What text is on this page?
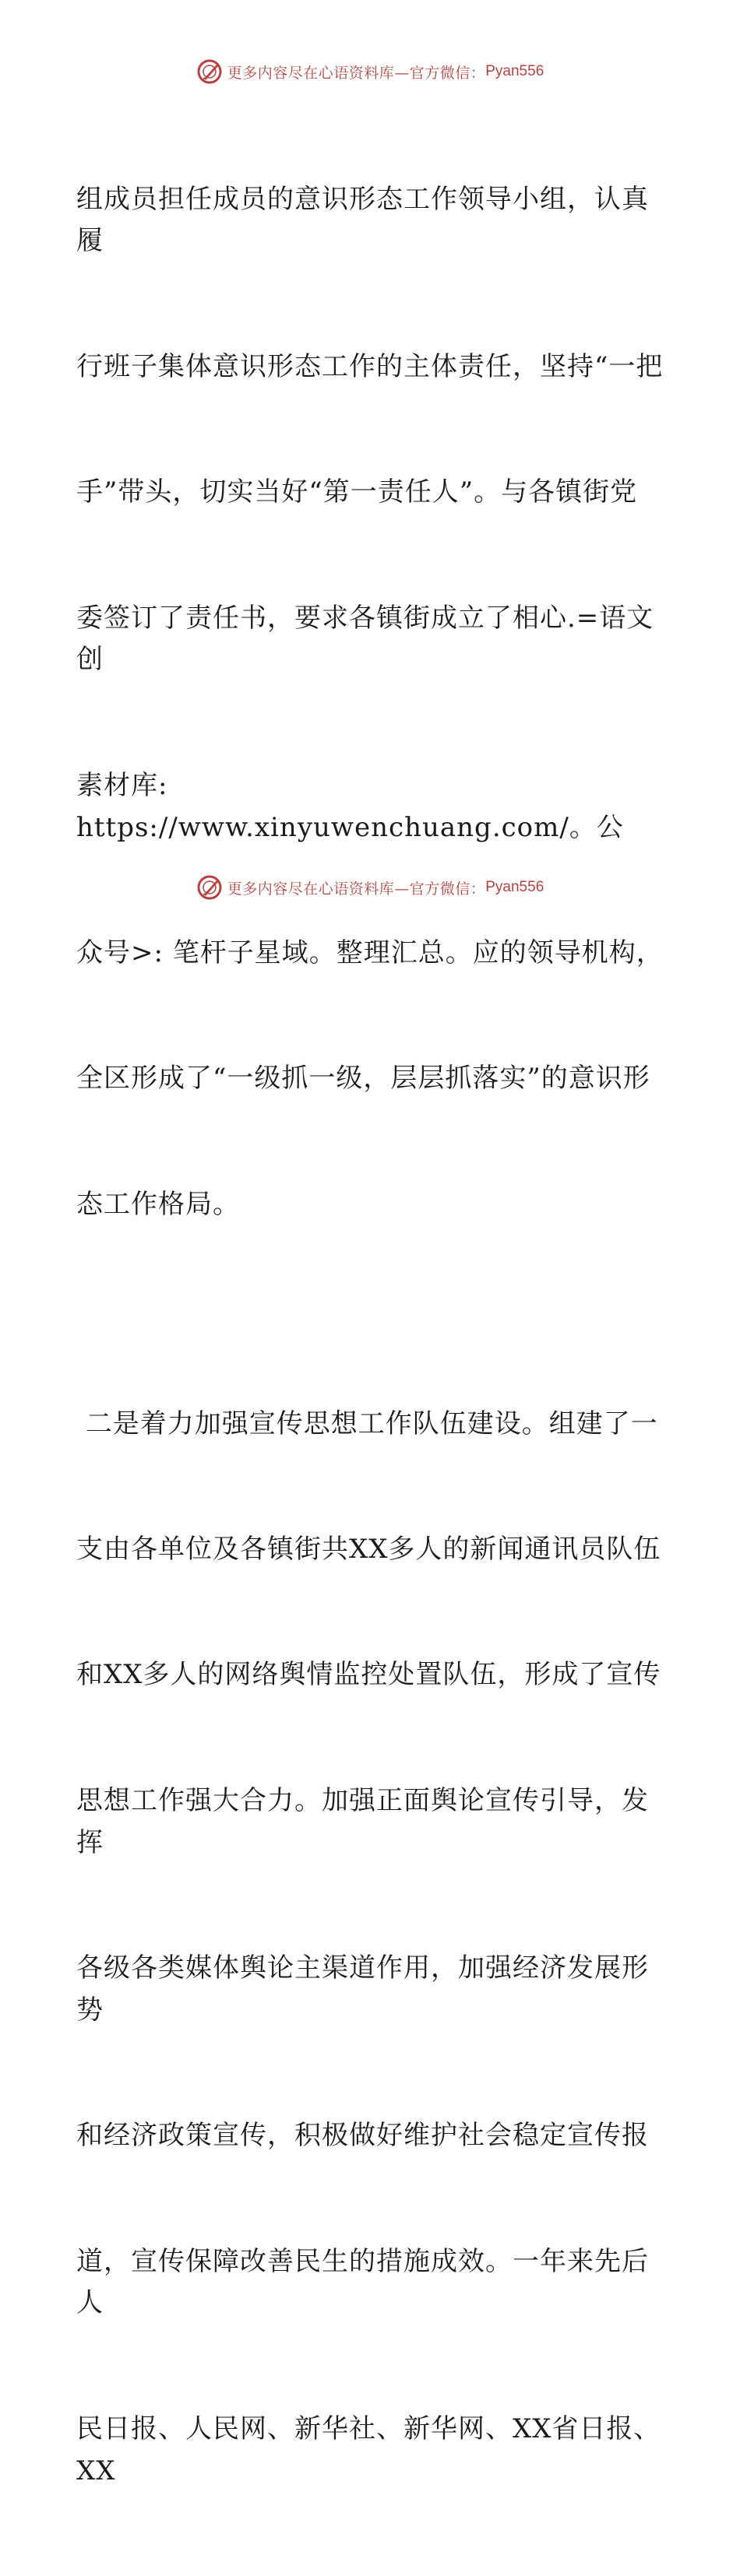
更多内容尽在心语资料库—官方微信： Pyan556

组成员担任成员的意识形态工作领导小组，认真履

行班子集体意识形态工作的主体责任，坚持“一把

手”带头，切实当好“第一责任人”。与各镇街党

委签订了责任书，要求各镇街成立了相心.=语文创

素材库: https://www.xinyuwenchuang.com/。公

众号>: 笔杆子星域。整理汇总。应的领导机构，

全区形成了“一级抓一级，层层抓落实”的意识形

态工作格局。

二是着力加强宣传思想工作队伍建设。组建了一

支由各单位及各镇街共XX多人的新闻通讯员队伍

和XX多人的网络舆情监控处置队伍，形成了宣传

思想工作强大合力。加强正面舆论宣传引导，发挥

各级各类媒体舆论主渠道作用，加强经济发展形势

和经济政策宣传，积极做好维护社会稳定宣传报

道，宣传保障改善民生的措施成效。一年来先后人

民日报、人民网、新华社、新华网、XX省日报、XX

更多内容尽在心语资料库—官方微信： Pyan556
